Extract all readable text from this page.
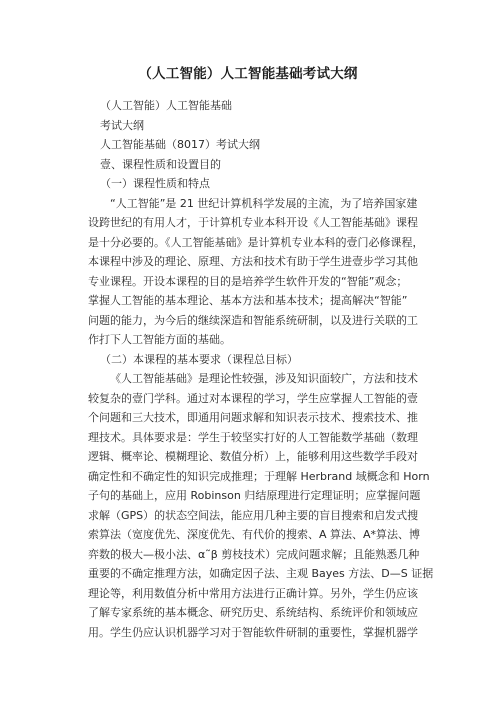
（人工智能）人工智能基础考试大纲
（人工智能）人工智能基础
考试大纲
人工智能基础（8017）考试大纲
壹、课程性质和设置目的
（一）课程性质和特点
“人工智能”是 21 世纪计算机科学发展的主流，为了培养国家建
设跨世纪的有用人才，于计算机专业本科开设《人工智能基础》课程
是十分必要的。《人工智能基础》是计算机专业本科的壹门必修课程，
本课程中涉及的理论、原理、方法和技术有助于学生进壹步学习其他
专业课程。开设本课程的目的是培养学生软件开发的“智能”观念；
掌握人工智能的基本理论、基本方法和基本技术；提高解决“智能”
问题的能力，为今后的继续深造和智能系统研制，以及进行关联的工
作打下人工智能方面的基础。
（二）本课程的基本要求（课程总目标）
《人工智能基础》是理论性较强，涉及知识面较广，方法和技术
较复杂的壹门学科。通过对本课程的学习，学生应掌握人工智能的壹
个问题和三大技术，即通用问题求解和知识表示技术、搜索技术、推
理技术。具体要求是：学生于较坚实打好的人工智能数学基础（数理
逻辑、概率论、模糊理论、数值分析）上，能够利用这些数学手段对
确定性和不确定性的知识完成推理；于理解 Herbrand 域概念和 Horn
子句的基础上，应用 Robinson 归结原理进行定理证明；应掌握问题
求解（GPS）的状态空间法，能应用几种主要的盲目搜索和启发式搜
索算法（宽度优先、深度优先、有代价的搜索、A 算法、A*算法、博
弈数的极大—极小法、α˜β 剪枝技术）完成问题求解；且能熟悉几种
重要的不确定推理方法，如确定因子法、主观 Bayes 方法、D—S 证据
理论等，利用数值分析中常用方法进行正确计算。另外，学生仍应该
了解专家系统的基本概念、研究历史、系统结构、系统评价和领域应
用。学生仍应认识机器学习对于智能软件研制的重要性，掌握机器学
